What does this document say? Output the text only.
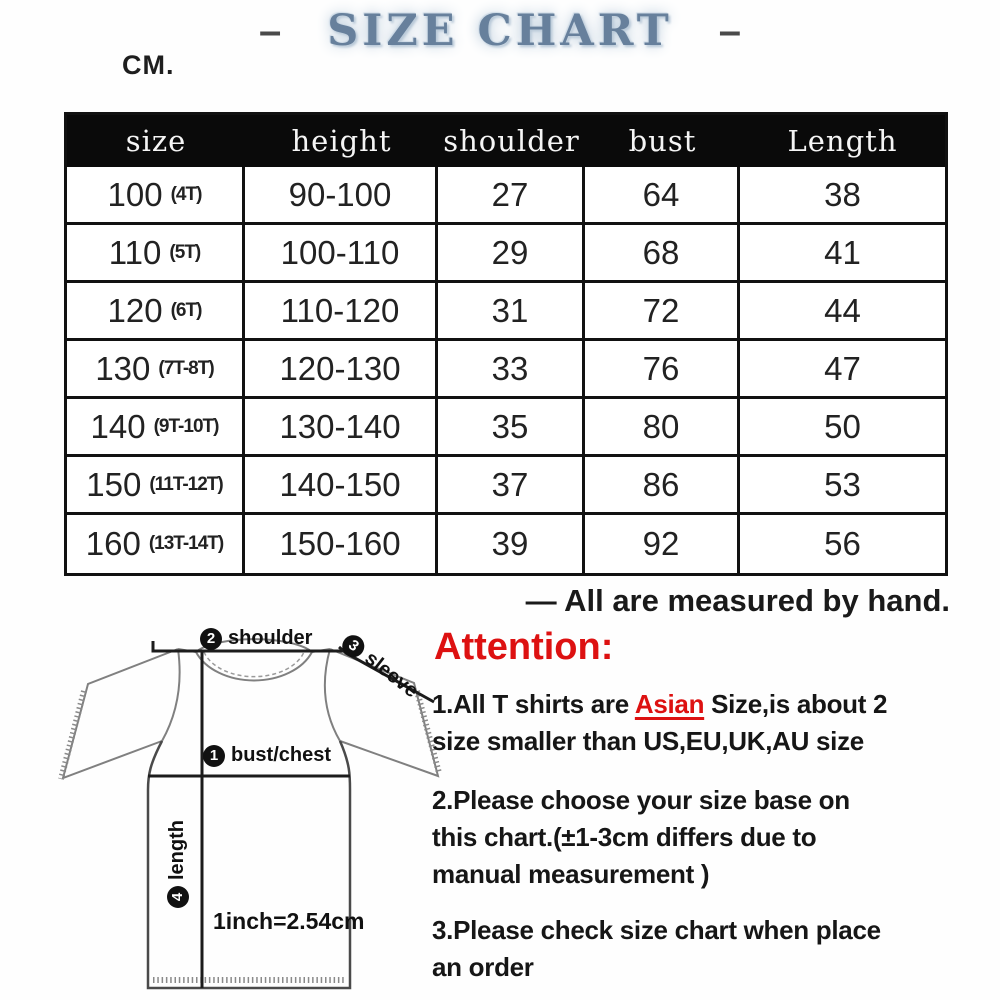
– SIZE CHART –
CM.
size	height	shoulder	bust	Length
100 (4T)	90-100	27	64	38
110 (5T)	100-110	29	68	41
120 (6T)	110-120	31	72	44
130 (7T-8T)	120-130	33	76	47
140 (9T-10T)	130-140	35	80	50
150 (11T-12T)	140-150	37	86	53
160 (13T-14T)	150-160	39	92	56
— All are measured by hand.
2 shoulder	3
sleeve
1 bust/chest
4
length
1inch=2.54cm
Attention:
1.All T shirts are Asian Size,is about 2
size smaller than US,EU,UK,AU size
2.Please choose your size base on
this chart.(±1-3cm differs due to
manual measurement )
3.Please check size chart when place
an order
